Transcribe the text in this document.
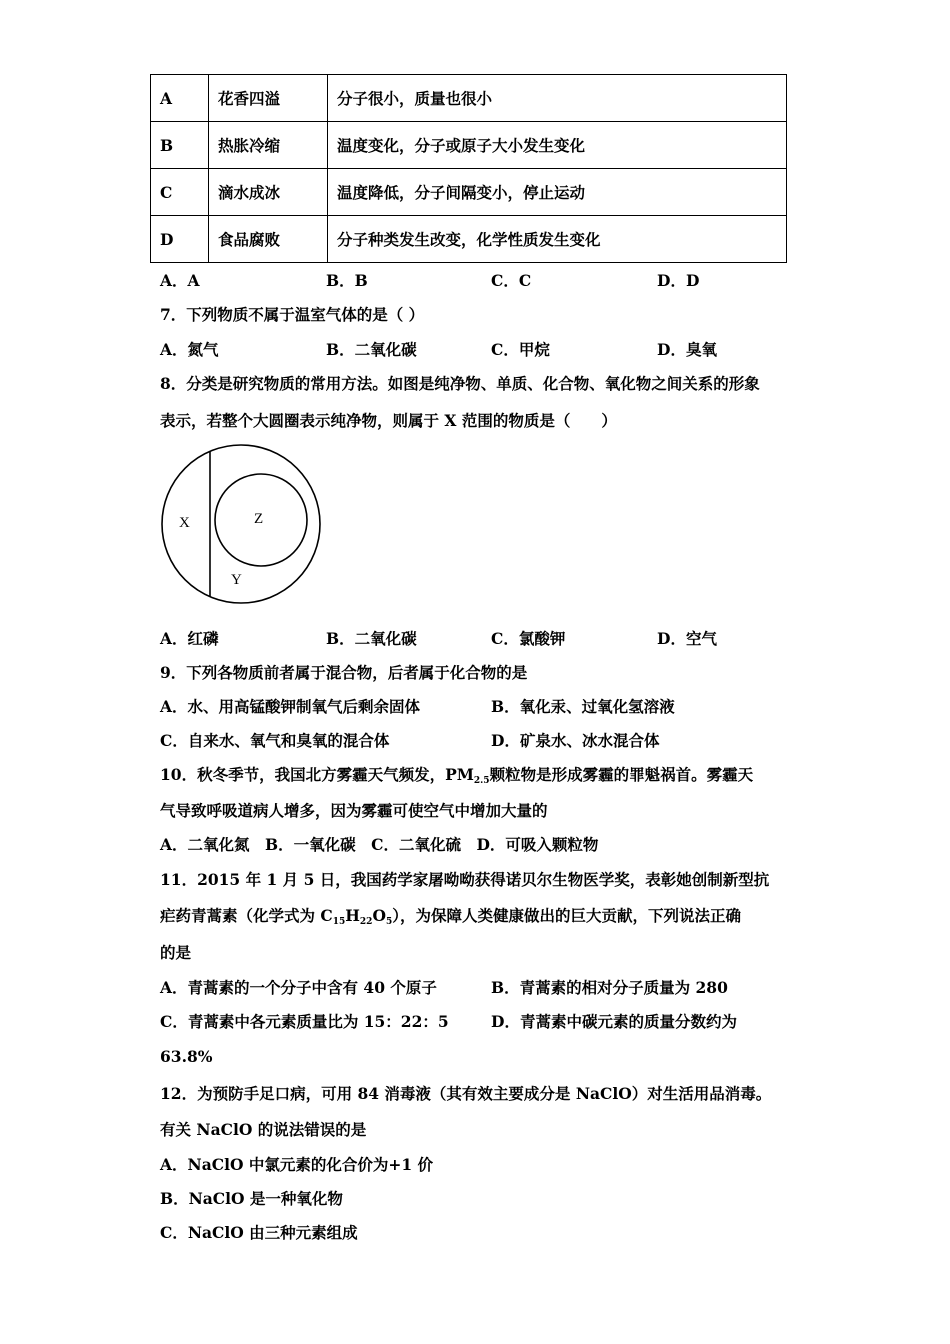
A	花香四溢	分子很小，质量也很小
B	热胀冷缩	温度变化，分子或原子大小发生变化
C	滴水成冰	温度降低，分子间隔变小，停止运动
D	食品腐败	分子种类发生改变，化学性质发生变化
A．A	B．B	C．C	D．D
7．下列物质不属于温室气体的是（ ）
A．氮气	B．二氧化碳	C．甲烷	D．臭氧
8．分类是研究物质的常用方法。如图是纯净物、单质、化合物、氧化物之间关系的形象
表示，若整个大圆圈表示纯净物，则属于 X 范围的物质是（　　）
X	Z
Y
A．红磷	B．二氧化碳	C．氯酸钾	D．空气
9．下列各物质前者属于混合物，后者属于化合物的是
A．水、用高锰酸钾制氧气后剩余固体	B．氧化汞、过氧化氢溶液
C．自来水、氧气和臭氧的混合体	D．矿泉水、冰水混合体
10．秋冬季节，我国北方雾霾天气频发，$PM_{2.5}$颗粒物是形成雾霾的罪魁祸首。雾霾天
气导致呼吸道病人增多，因为雾霾可使空气中增加大量的
A．二氧化氮　B．一氧化碳　C．二氧化硫　D．可吸入颗粒物
11．2015 年 1 月 5 日，我国药学家屠呦呦获得诺贝尔生物医学奖，表彰她创制新型抗
疟药青蒿素（化学式为 $C_{15}H_{22}O_5$），为保障人类健康做出的巨大贡献，下列说法正确
的是
A．青蒿素的一个分子中含有 40 个原子	B．青蒿素的相对分子质量为 280
C．青蒿素中各元素质量比为 15：22：5	D．青蒿素中碳元素的质量分数约为
63.8%
12．为预防手足口病，可用 84 消毒液（其有效主要成分是 NaClO）对生活用品消毒。
有关 NaClO 的说法错误的是
A．NaClO 中氯元素的化合价为+1 价
B．NaClO 是一种氧化物
C．NaClO 由三种元素组成
